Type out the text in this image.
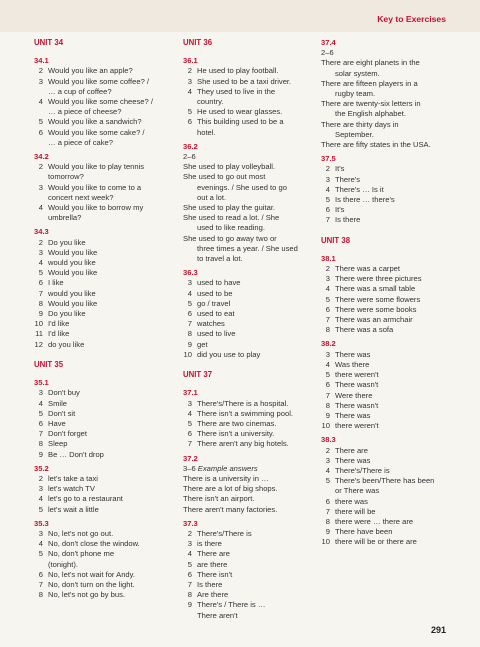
Key to Exercises
UNIT 34
34.1
2 Would you like an apple?
3 Would you like some coffee? /
… a cup of coffee?
4 Would you like some cheese? /
… a piece of cheese?
5 Would you like a sandwich?
6 Would you like some cake? /
… a piece of cake?
34.2
2 Would you like to play tennis
tomorrow?
3 Would you like to come to a
concert next week?
4 Would you like to borrow my
umbrella?
34.3
2 Do you like
3 Would you like
4 would you like
5 Would you like
6 I like
7 would you like
8 Would you like
9 Do you like
10 I'd like
11 I'd like
12 do you like
UNIT 35
35.1
3 Don't buy
4 Smile
5 Don't sit
6 Have
7 Don't forget
8 Sleep
9 Be … Don't drop
35.2
2 let's take a taxi
3 let's watch TV
4 let's go to a restaurant
5 let's wait a little
35.3
3 No, let's not go out.
4 No, don't close the window.
5 No, don't phone me
(tonight).
6 No, let's not wait for Andy.
7 No, don't turn on the light.
8 No, let's not go by bus.
UNIT 36
36.1
2 He used to play football.
3 She used to be a taxi driver.
4 They used to live in the
country.
5 He used to wear glasses.
6 This building used to be a
hotel.
36.2
2–6
She used to play volleyball.
She used to go out most
evenings. / She used to go
out a lot.
She used to play the guitar.
She used to read a lot. / She
used to like reading.
She used to go away two or
three times a year. / She used
to travel a lot.
36.3
3 used to have
4 used to be
5 go / travel
6 used to eat
7 watches
8 used to live
9 get
10 did you use to play
UNIT 37
37.1
3 There's/There is a hospital.
4 There isn't a swimming pool.
5 There are two cinemas.
6 There isn't a university.
7 There aren't any big hotels.
37.2
3–6 Example answers
There is a university in …
There are a lot of big shops.
There isn't an airport.
There aren't many factories.
37.3
2 There's/There is
3 is there
4 There are
5 are there
6 There isn't
7 Is there
8 Are there
9 There's / There is …
There aren't
37.4
2–6
There are eight planets in the
solar system.
There are fifteen players in a
rugby team.
There are twenty-six letters in
the English alphabet.
There are thirty days in
September.
There are fifty states in the USA.
37.5
2 It's
3 There's
4 There's … Is it
5 Is there … there's
6 It's
7 Is there
UNIT 38
38.1
2 There was a carpet
3 There were three pictures
4 There was a small table
5 There were some flowers
6 There were some books
7 There was an armchair
8 There was a sofa
38.2
3 There was
4 Was there
5 there weren't
6 There wasn't
7 Were there
8 There wasn't
9 There was
10 there weren't
38.3
2 There are
3 There was
4 There's/There is
5 There's been/There has been
or There was
6 there was
7 there will be
8 there were … there are
9 There have been
10 there will be or there are
291
